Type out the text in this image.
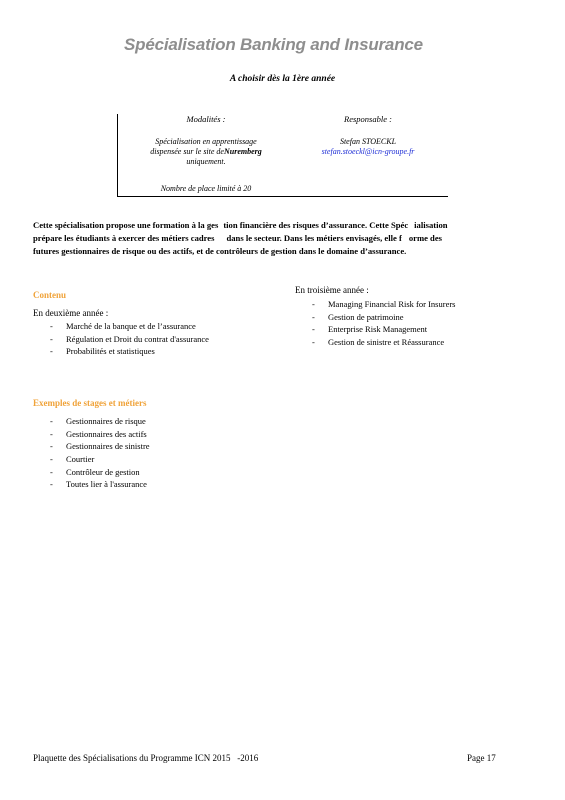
Spécialisation Banking and Insurance
A choisir dès la 1ère année
Modalités :
Spécialisation en apprentissage
dispensée sur le site deNuremberg
uniquement.
Nombre de place limité à 20
Responsable :
Stefan STOECKL
stefan.stoeckl@icn-groupe.fr
Cette spécialisation propose une formation à la ges tion financière des risques d’assurance. Cette Spéc ialisation
prépare les étudiants à exercer des métiers cadres dans le secteur. Dans les métiers envisagés, elle f orme des
futures gestionnaires de risque ou des actifs, et de contrôleurs de gestion dans le domaine d’assurance.
Contenu
En deuxième année :
- Marché de la banque et de l’assurance
- Régulation et Droit du contrat d'assurance
- Probabilités et statistiques
En troisième année :
- Managing Financial Risk for Insurers
- Gestion de patrimoine
- Enterprise Risk Management
- Gestion de sinistre et Réassurance
Exemples de stages et métiers
- Gestionnaires de risque
- Gestionnaires des actifs
- Gestionnaires de sinistre
- Courtier
- Contrôleur de gestion
- Toutes lier à l'assurance
Plaquette des Spécialisations du Programme ICN 2015   -2016	Page 17
